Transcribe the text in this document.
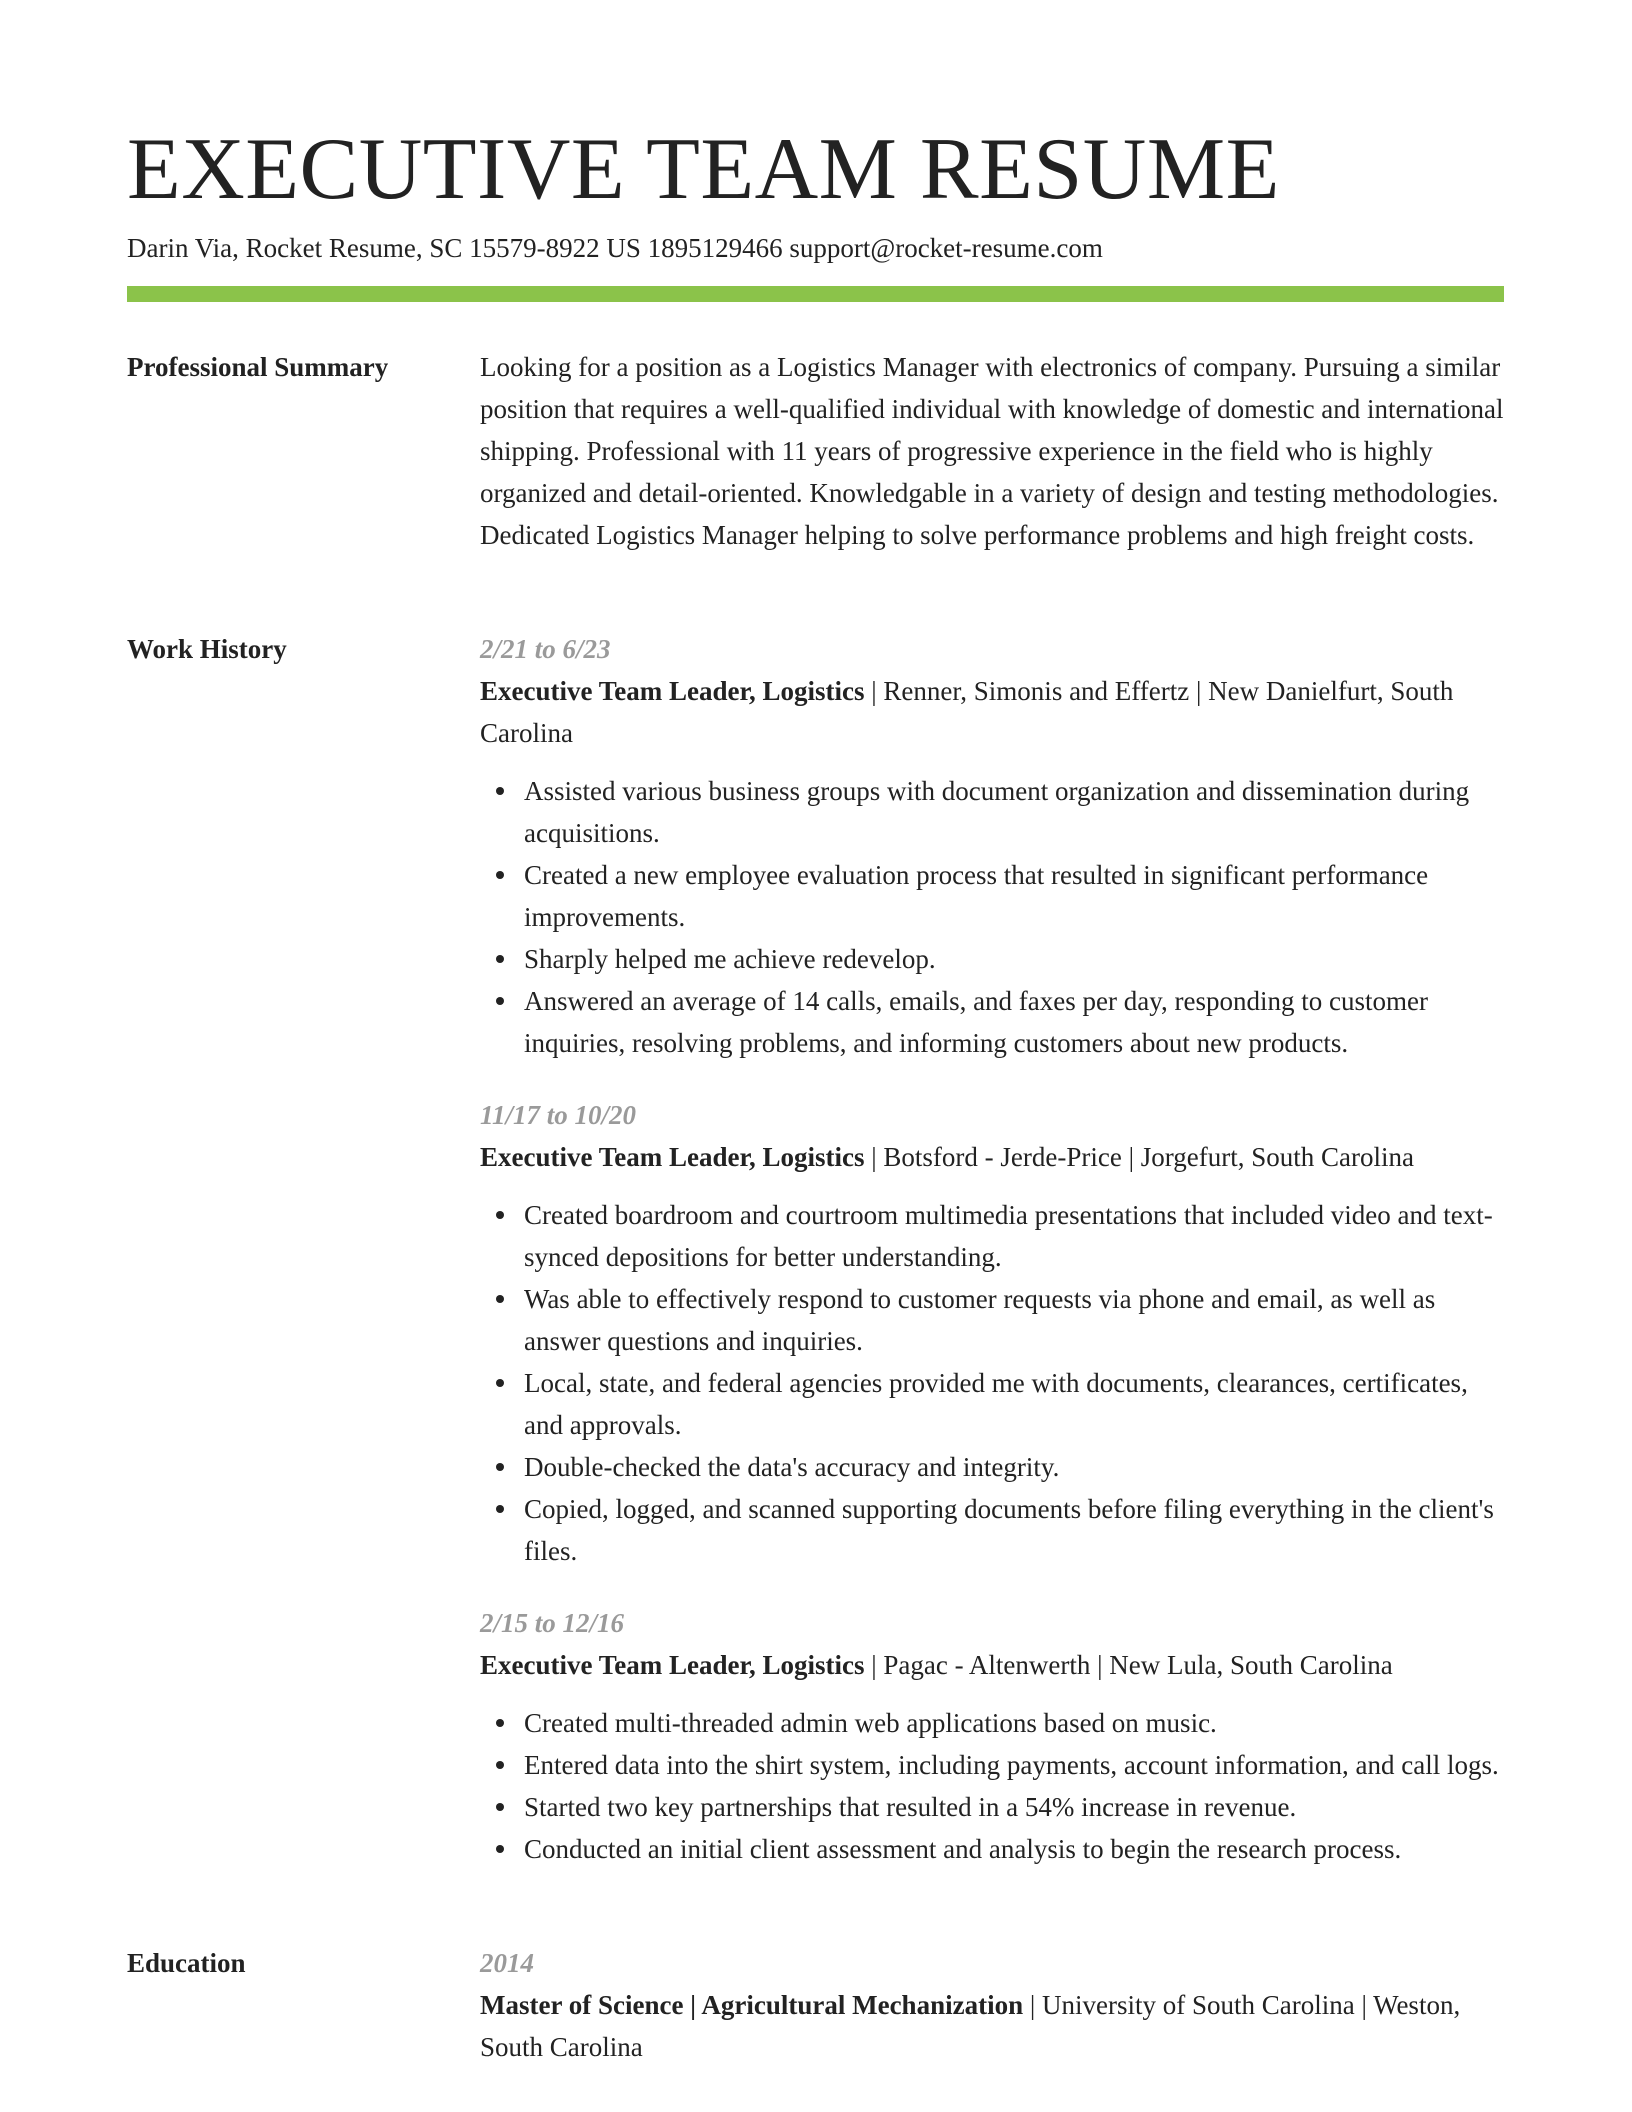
EXECUTIVE TEAM RESUME
Darin Via, Rocket Resume, SC 15579-8922 US 1895129466 support@rocket-resume.com
Professional Summary	Looking for a position as a Logistics Manager with electronics of company. Pursuing a similar position that requires a well-qualified individual with knowledge of domestic and international shipping. Professional with 11 years of progressive experience in the field who is highly organized and detail-oriented. Knowledgable in a variety of design and testing methodologies. Dedicated Logistics Manager helping to solve performance problems and high freight costs.
Work History	2/21 to 6/23
Executive Team Leader, Logistics | Renner, Simonis and Effertz | New Danielfurt, South Carolina
Assisted various business groups with document organization and dissemination during acquisitions.
Created a new employee evaluation process that resulted in significant performance improvements.
Sharply helped me achieve redevelop.
Answered an average of 14 calls, emails, and faxes per day, responding to customer inquiries, resolving problems, and informing customers about new products.
11/17 to 10/20
Executive Team Leader, Logistics | Botsford - Jerde-Price | Jorgefurt, South Carolina
Created boardroom and courtroom multimedia presentations that included video and text-synced depositions for better understanding.
Was able to effectively respond to customer requests via phone and email, as well as answer questions and inquiries.
Local, state, and federal agencies provided me with documents, clearances, certificates, and approvals.
Double-checked the data's accuracy and integrity.
Copied, logged, and scanned supporting documents before filing everything in the client's files.
2/15 to 12/16
Executive Team Leader, Logistics | Pagac - Altenwerth | New Lula, South Carolina
Created multi-threaded admin web applications based on music.
Entered data into the shirt system, including payments, account information, and call logs.
Started two key partnerships that resulted in a 54% increase in revenue.
Conducted an initial client assessment and analysis to begin the research process.
Education	2014
Master of Science | Agricultural Mechanization | University of South Carolina | Weston, South Carolina
